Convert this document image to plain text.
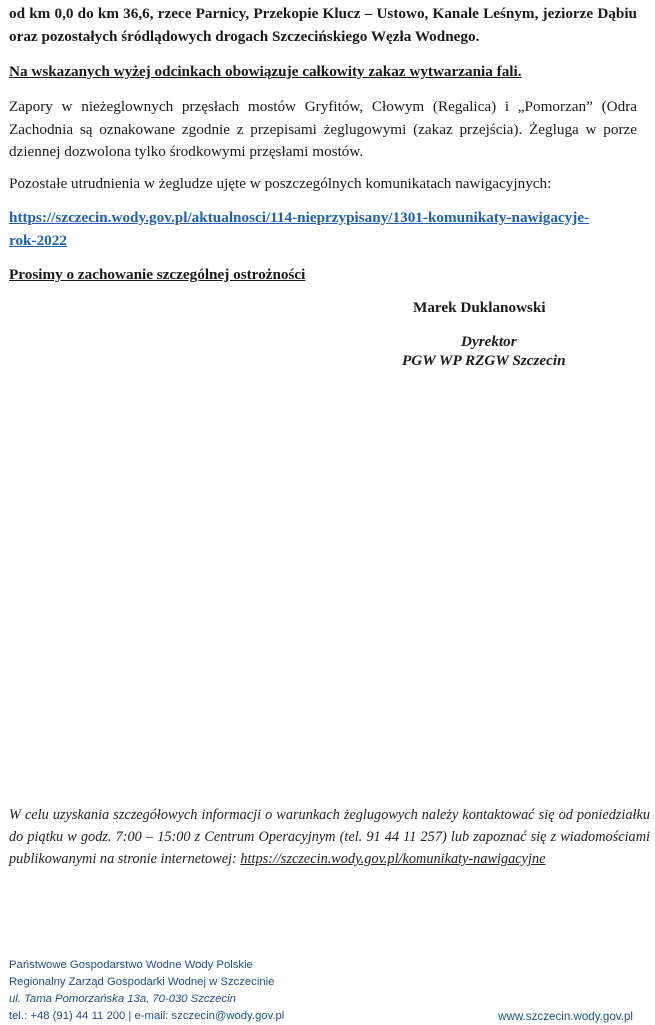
od km 0,0 do km 36,6, rzece Parnicy, Przekopie Klucz – Ustowo, Kanale Leśnym, jeziorze Dąbiu oraz pozostałych śródlądowych drogach Szczecińskiego Węzła Wodnego.

Na wskazanych wyżej odcinkach obowiązuje całkowity zakaz wytwarzania fali.

Zapory w nieżeglownych przęsłach mostów Gryfitów, Cłowym (Regalica) i „Pomorzan” (Odra Zachodnia są oznakowane zgodnie z przepisami żeglugowymi (zakaz przejścia). Żegluga w porze dziennej dozwolona tylko środkowymi przęsłami mostów.

Pozostałe utrudnienia w żegludze ujęte w poszczególnych komunikatach nawigacyjnych:

https://szczecin.wody.gov.pl/aktualnosci/114-nieprzypisany/1301-komunikaty-nawigacyje-
rok-2022

Prosimy o zachowanie szczególnej ostrożności

Marek Duklanowski
Dyrektor
PGW WP RZGW Szczecin
W celu uzyskania szczegółowych informacji o warunkach żeglugowych należy kontaktować się od poniedziałku do piątku w godz. 7:00 – 15:00 z Centrum Operacyjnym (tel. 91 44 11 257) lub zapoznać się z wiadomościami publikowanymi na stronie internetowej: https://szczecin.wody.gov.pl/komunikaty-nawigacyjne
Państwowe Gospodarstwo Wodne Wody Polskie
Regionalny Zarząd Gospodarki Wodnej w Szczecinie
ul. Tama Pomorzańska 13a, 70-030 Szczecin
tel.: +48 (91) 44 11 200 | e-mail: szczecin@wody.gov.pl	www.szczecin.wody.gov.pl
